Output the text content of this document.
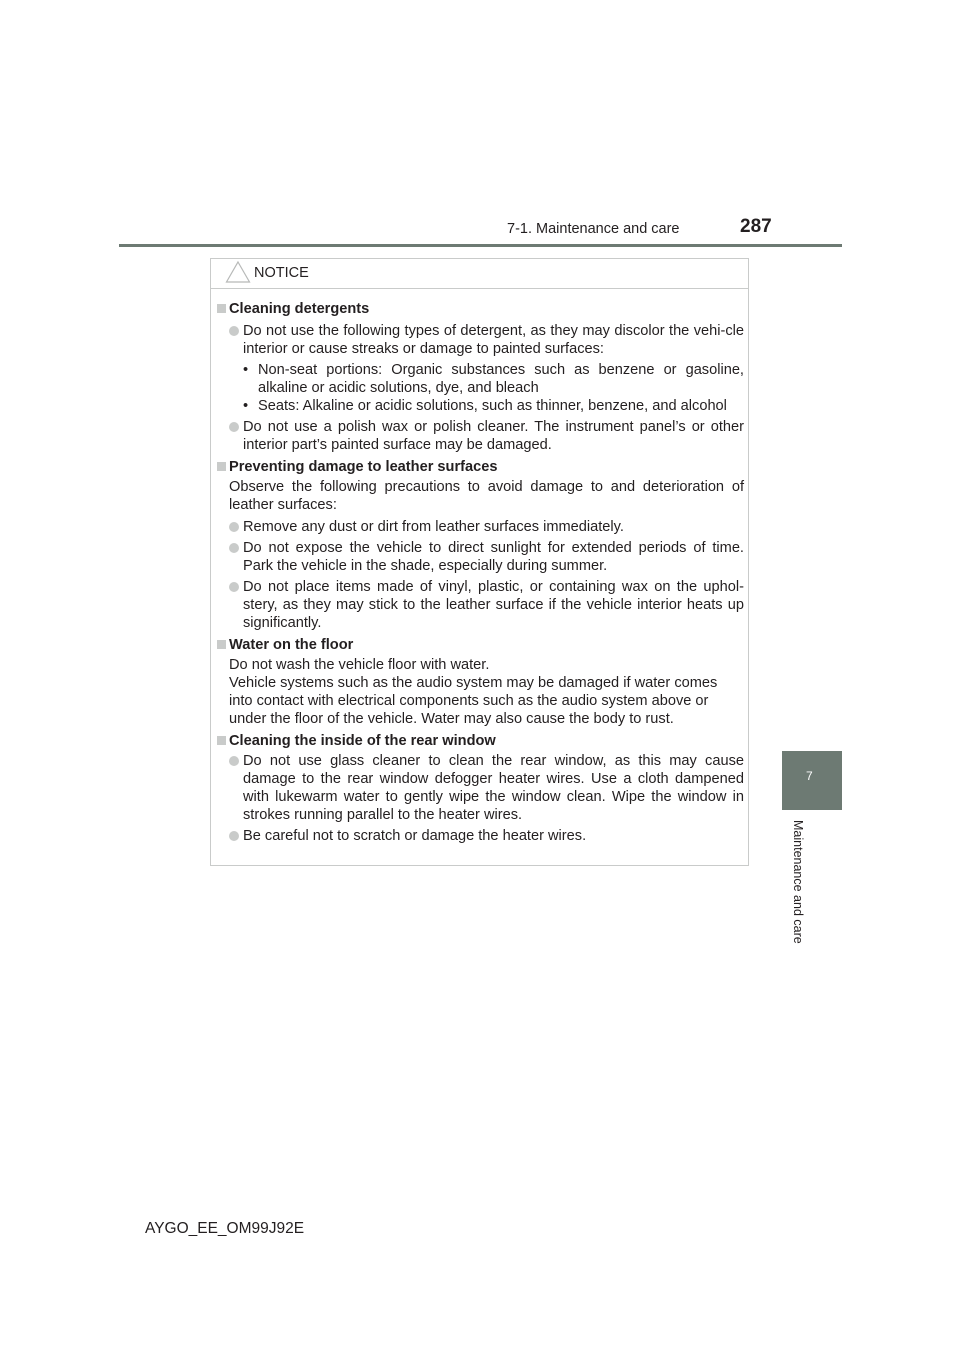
7-1. Maintenance and care	287
7
Maintenance and care
NOTICE
Cleaning detergents
Do not use the following types of detergent, as they may discolor the vehi-cle interior or cause streaks or damage to painted surfaces:
• Non-seat portions: Organic substances such as benzene or gasoline, alkaline or acidic solutions, dye, and bleach
• Seats: Alkaline or acidic solutions, such as thinner, benzene, and alcohol
Do not use a polish wax or polish cleaner. The instrument panel’s or other interior part’s painted surface may be damaged.
Preventing damage to leather surfaces
Observe the following precautions to avoid damage to and deterioration of leather surfaces:
Remove any dust or dirt from leather surfaces immediately.
Do not expose the vehicle to direct sunlight for extended periods of time. Park the vehicle in the shade, especially during summer.
Do not place items made of vinyl, plastic, or containing wax on the uphol-stery, as they may stick to the leather surface if the vehicle interior heats up significantly.
Water on the floor
Do not wash the vehicle floor with water.
Vehicle systems such as the audio system may be damaged if water comes into contact with electrical components such as the audio system above or under the floor of the vehicle. Water may also cause the body to rust.
Cleaning the inside of the rear window
Do not use glass cleaner to clean the rear window, as this may cause damage to the rear window defogger heater wires. Use a cloth dampened with lukewarm water to gently wipe the window clean. Wipe the window in strokes running parallel to the heater wires.
Be careful not to scratch or damage the heater wires.
AYGO_EE_OM99J92E
